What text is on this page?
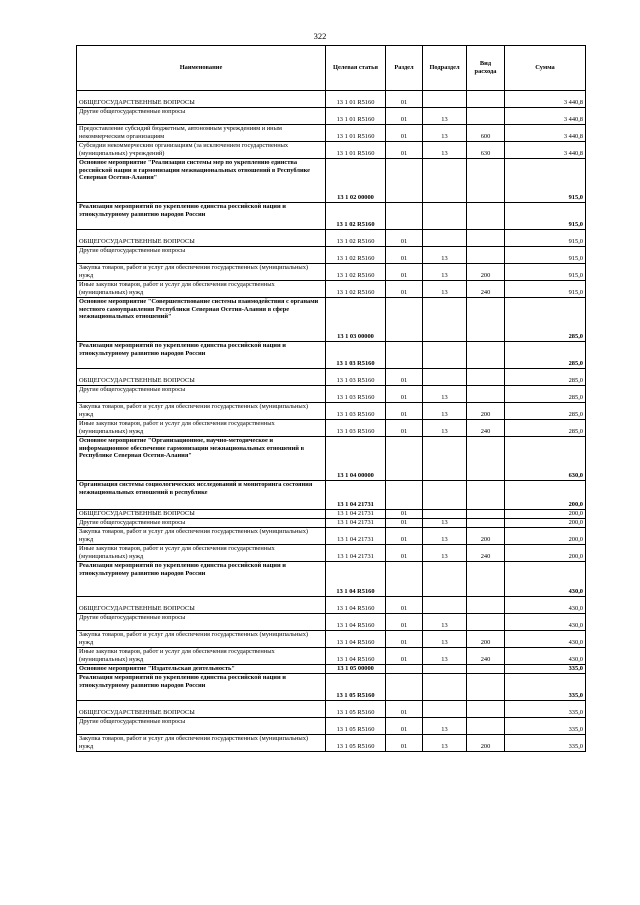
322
Наименование	Целевая статья	Раздел	Подраздел	Вид расхода	Сумма
ОБЩЕГОСУДАРСТВЕННЫЕ ВОПРОСЫ	13 1 01 R5160	01			3 440,8
Другие общегосударственные вопросы	13 1 01 R5160	01	13		3 440,8
Предоставление субсидий бюджетным, автономным учреждениям и иным некоммерческим организациям	13 1 01 R5160	01	13	600	3 440,8
Субсидии некоммерческим организациям (за исключением государственных (муниципальных) учреждений)	13 1 01 R5160	01	13	630	3 440,8
Основное мероприятие "Реализация системы мер по укреплению единства российской нации и гармонизации межнациональных отношений в Республике Северная Осетия-Алания"	13 1 02 00000				915,0
Реализация мероприятий по укреплению единства российской нации и этнокультурному развитию народов России	13 1 02 R5160				915,0
ОБЩЕГОСУДАРСТВЕННЫЕ ВОПРОСЫ	13 1 02 R5160	01			915,0
Другие общегосударственные вопросы	13 1 02 R5160	01	13		915,0
Закупка товаров, работ и услуг для обеспечения государственных (муниципальных) нужд	13 1 02 R5160	01	13	200	915,0
Иные закупки товаров, работ и услуг для обеспечения государственных (муниципальных) нужд	13 1 02 R5160	01	13	240	915,0
Основное мероприятие "Совершенствование системы взаимодействия с органами местного самоуправления Республики Северная Осетия-Алания в сфере межнациональных отношений"	13 1 03 00000				285,0
Реализация мероприятий по укреплению единства российской нации и этнокультурному развитию народов России	13 1 03 R5160				285,0
ОБЩЕГОСУДАРСТВЕННЫЕ ВОПРОСЫ	13 1 03 R5160	01			285,0
Другие общегосударственные вопросы	13 1 03 R5160	01	13		285,0
Закупка товаров, работ и услуг для обеспечения государственных (муниципальных) нужд	13 1 03 R5160	01	13	200	285,0
Иные закупки товаров, работ и услуг для обеспечения государственных (муниципальных) нужд	13 1 03 R5160	01	13	240	285,0
Основное мероприятие "Организационное, научно-методическое и информационное обеспечение гармонизации межнациональных отношений в Республике Северная Осетия-Алания"	13 1 04 00000				630,0
Организация системы социологических исследований и мониторинга состояния межнациональных отношений в республике	13 1 04 21731				200,0
ОБЩЕГОСУДАРСТВЕННЫЕ ВОПРОСЫ	13 1 04 21731	01			200,0
Другие общегосударственные вопросы	13 1 04 21731	01	13		200,0
Закупка товаров, работ и услуг для обеспечения государственных (муниципальных) нужд	13 1 04 21731	01	13	200	200,0
Иные закупки товаров, работ и услуг для обеспечения государственных (муниципальных) нужд	13 1 04 21731	01	13	240	200,0
Реализация мероприятий по укреплению единства российской нации и этнокультурному развитию народов России	13 1 04 R5160				430,0
ОБЩЕГОСУДАРСТВЕННЫЕ ВОПРОСЫ	13 1 04 R5160	01			430,0
Другие общегосударственные вопросы	13 1 04 R5160	01	13		430,0
Закупка товаров, работ и услуг для обеспечения государственных (муниципальных) нужд	13 1 04 R5160	01	13	200	430,0
Иные закупки товаров, работ и услуг для обеспечения государственных (муниципальных) нужд	13 1 04 R5160	01	13	240	430,0
Основное мероприятие "Издательская деятельность"	13 1 05 00000				335,0
Реализация мероприятий по укреплению единства российской нации и этнокультурному развитию народов России	13 1 05 R5160				335,0
ОБЩЕГОСУДАРСТВЕННЫЕ ВОПРОСЫ	13 1 05 R5160	01			335,0
Другие общегосударственные вопросы	13 1 05 R5160	01	13		335,0
Закупка товаров, работ и услуг для обеспечения государственных (муниципальных) нужд	13 1 05 R5160	01	13	200	335,0
